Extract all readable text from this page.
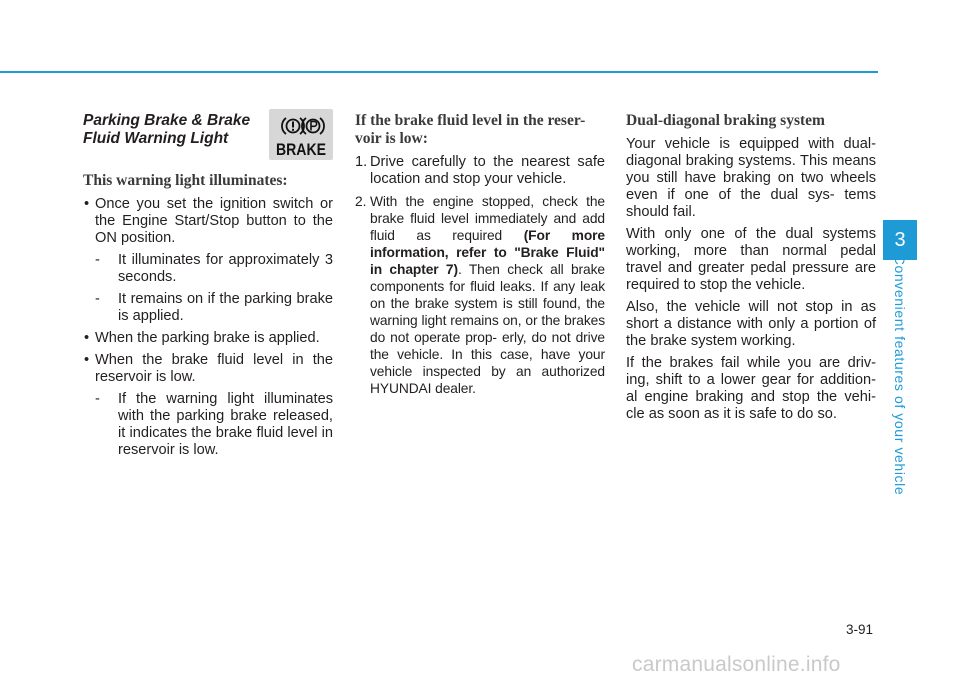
Parking Brake & Brake
Fluid Warning Light
BRAKE
This warning light illuminates:
• Once you set the ignition switch or the Engine Start/Stop button to the ON position.
- It illuminates for approximately 3 seconds.
- It remains on if the parking brake is applied.
• When the parking brake is applied.
• When the brake fluid level in the reservoir is low.
- If the warning light illuminates with the parking brake released, it indicates the brake fluid level in reservoir is low.
If the brake fluid level in the reser- voir is low:
1. Drive carefully to the nearest safe location and stop your vehicle.
2. With the engine stopped, check the brake fluid level immediately and add fluid as required (For more information, refer to "Brake Fluid" in chapter 7). Then check all brake components for fluid leaks. If any leak on the brake system is still found, the warning light remains on, or the brakes do not operate prop- erly, do not drive the vehicle. In this case, have your vehicle inspected by an authorized HYUNDAI dealer.
Dual-diagonal braking system

Your vehicle is equipped with dual- diagonal braking systems. This means you still have braking on two wheels even if one of the dual sys- tems should fail.

With only one of the dual systems working, more than normal pedal travel and greater pedal pressure are required to stop the vehicle.

Also, the vehicle will not stop in as short a distance with only a portion of the brake system working.

If the brakes fail while you are driv- ing, shift to a lower gear for addition- al engine braking and stop the vehi- cle as soon as it is safe to do so.

3
Convenient features of your vehicle
3-91
carmanualsonline.info
